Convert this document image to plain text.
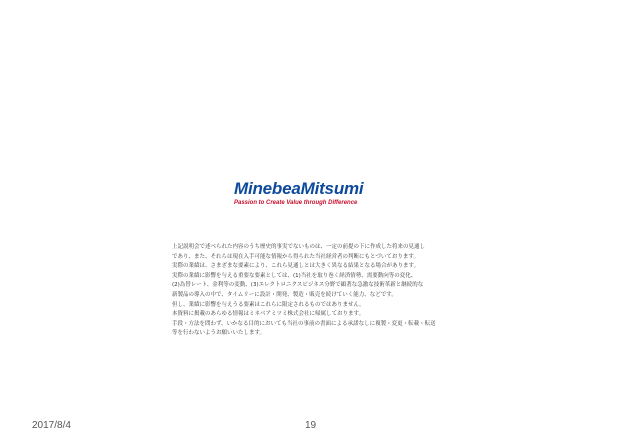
MinebeaMitsumi
Passion to Create Value through Difference

上記説明会で述べられた内容のうち歴史的事実でないものは、一定の前提の下に作成した将来の見通し

であり、また、それらは現在入手可能な情報から得られた当社経営者の判断にもとづいております。

実際の業績は、さまざまな要素により、これら見通しとは大きく異なる結果となる場合があります。

実際の業績に影響を与える重要な要素としては、(1)当社を取り巻く経済情勢、需要動向等の変化、

(2)為替レート、金利等の変動、(3)エレクトロニクスビジネス分野で顕著な急激な技術革新と継続的な

新製品の導入の中で、タイムリーに設計・開発、製造・販売を続けていく能力、などです。

但し、業績に影響を与えうる要素はこれらに限定されるものではありません。

本資料に掲載のあらゆる情報はミネベアミツミ株式会社に帰属しております。

手段・方法を問わず、いかなる目的においても当社の事前の書面による承諾なしに複製・変更・転載・転送

等を行わないようお願いいたします。

2017/8/4	19
